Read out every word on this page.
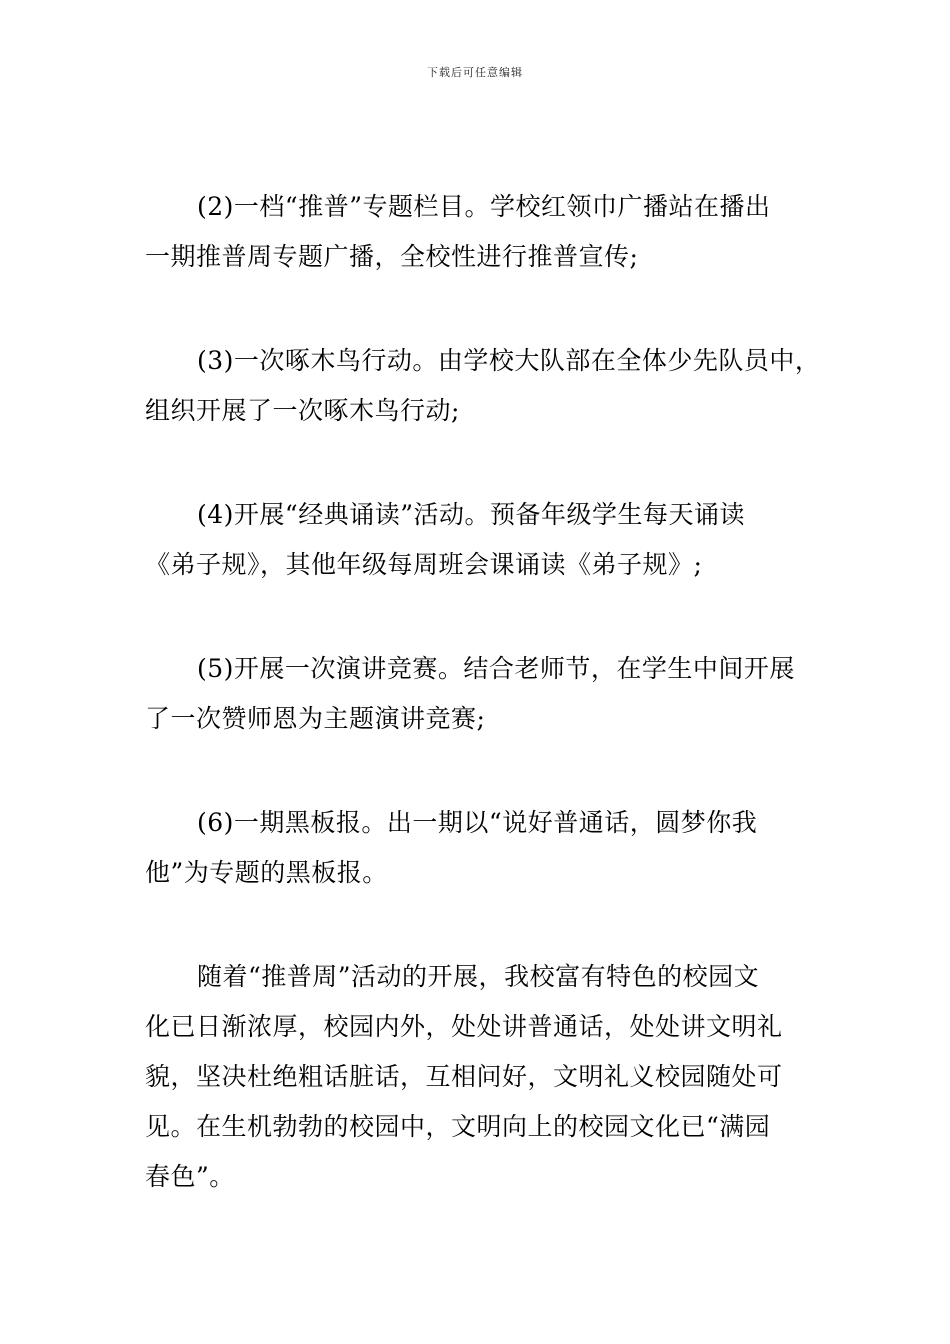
下载后可任意编辑

(2)一档“推普”专题栏目。学校红领巾广播站在播出
一期推普周专题广播，全校性进行推普宣传;

(3)一次啄木鸟行动。由学校大队部在全体少先队员中，
组织开展了一次啄木鸟行动;

(4)开展“经典诵读”活动。预备年级学生每天诵读
《弟子规》，其他年级每周班会课诵读《弟子规》;

(5)开展一次演讲竞赛。结合老师节，在学生中间开展
了一次赞师恩为主题演讲竞赛;

(6)一期黑板报。出一期以“说好普通话，圆梦你我
他”为专题的黑板报。

随着“推普周”活动的开展，我校富有特色的校园文
化已日渐浓厚，校园内外，处处讲普通话，处处讲文明礼
貌，坚决杜绝粗话脏话，互相问好，文明礼义校园随处可
见。在生机勃勃的校园中，文明向上的校园文化已“满园
春色”。
